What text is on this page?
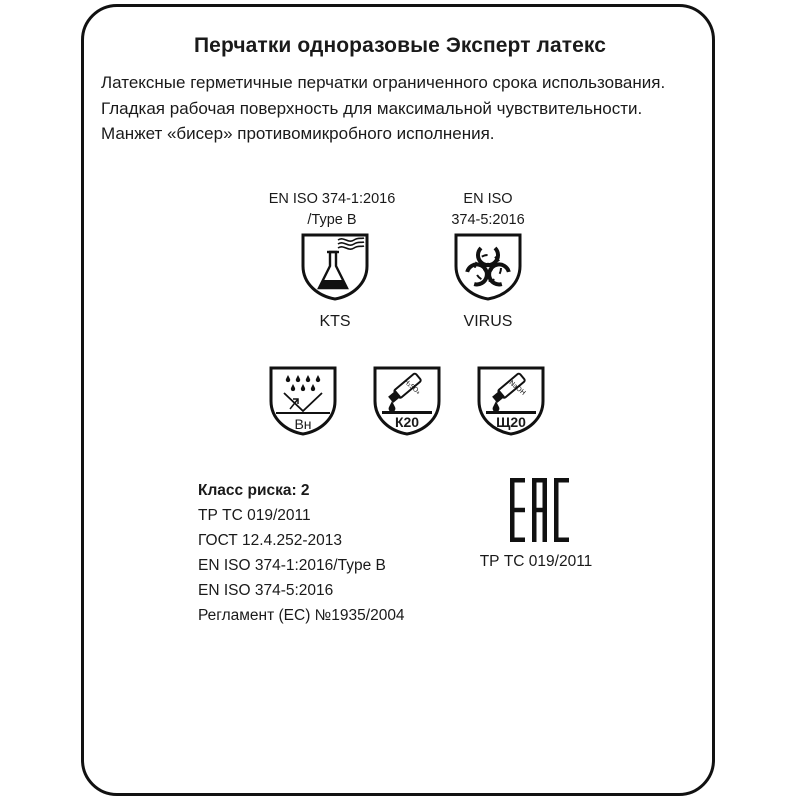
Перчатки одноразовые Эксперт латекс
Латексные герметичные перчатки ограниченного срока использования. Гладкая рабочая поверхность для максимальной чувствительности. Манжет «бисер» противомикробного исполнения.
EN ISO 374-1:2016
/Type B
KTS
EN ISO
374-5:2016
VIRUS
Вн
H₂SO₄
К20
NaOH
Щ20
Класс риска: 2
ТР ТС 019/2011
ГОСТ 12.4.252-2013
EN ISO 374-1:2016/Type B
EN ISO 374-5:2016
Регламент (ЕС) №1935/2004
ТР ТС 019/2011
